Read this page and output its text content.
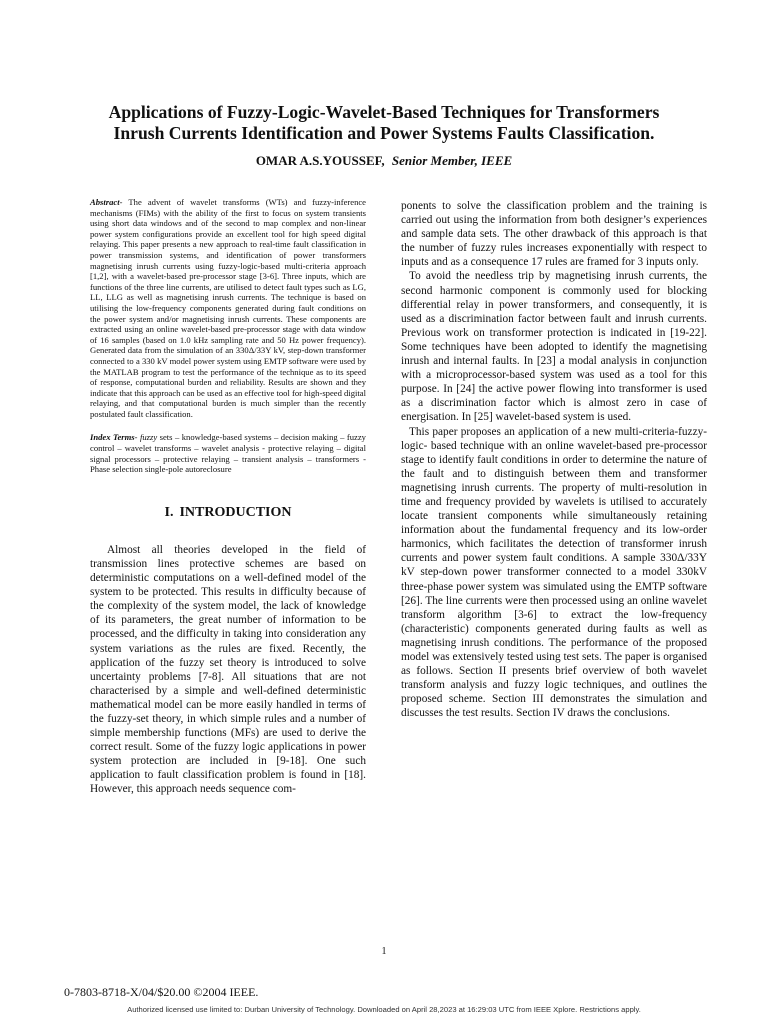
Applications of Fuzzy-Logic-Wavelet-Based Techniques for Transformers
Inrush Currents Identification and Power Systems Faults Classification.
OMAR A.S.YOUSSEF, Senior Member, IEEE

Abstract- The advent of wavelet transforms (WTs) and fuzzy-inference mechanisms (FIMs) with the ability of the first to focus on system transients using short data windows and of the second to map complex and non-linear power system configurations provide an excellent tool for high speed digital relaying. This paper presents a new approach to real-time fault classification in power transmission systems, and identification of power transformers magnetising inrush currents using fuzzy-logic-based multi-criteria approach [1,2], with a wavelet-based pre-processor stage [3-6]. Three inputs, which are functions of the three line currents, are utilised to detect fault types such as LG, LL, LLG as well as magnetising inrush currents. The technique is based on utilising the low-frequency components generated during fault conditions on the power system and/or magnetising inrush currents. These components are extracted using an online wavelet-based pre-processor stage with data window of 16 samples (based on 1.0 kHz sampling rate and 50 Hz power frequency). Generated data from the simulation of an 330Δ/33Y kV, step-down transformer connected to a 330 kV model power system using EMTP software were used by the MATLAB program to test the performance of the technique as to its speed of response, computational burden and reliability. Results are shown and they indicate that this approach can be used as an effective tool for high-speed digital relaying, and that computational burden is much simpler than the recently postulated fault classification.

Index Terms- fuzzy sets – knowledge-based systems – decision making – fuzzy control – wavelet transforms – wavelet analysis - protective relaying – digital signal processors – protective relaying – transient analysis – transformers - Phase selection single-pole autoreclosure

I. INTRODUCTION

Almost all theories developed in the field of transmission lines protective schemes are based on deterministic computations on a well-defined model of the system to be protected. This results in difficulty because of the complexity of the system model, the lack of knowledge of its parameters, the great number of information to be processed, and the difficulty in taking into consideration any system variations as the rules are fixed. Recently, the application of the fuzzy set theory is introduced to solve uncertainty problems [7-8]. All situations that are not characterised by a simple and well-defined deterministic mathematical model can be more easily handled in terms of the fuzzy-set theory, in which simple rules and a number of simple membership functions (MFs) are used to derive the correct result. Some of the fuzzy logic applications in power system protection are included in [9-18]. One such application to fault classification problem is found in [18]. However, this approach needs sequence com-

ponents to solve the classification problem and the training is carried out using the information from both designer’s experiences and sample data sets. The other drawback of this approach is that the number of fuzzy rules increases exponentially with respect to inputs and as a consequence 17 rules are framed for 3 inputs only.

To avoid the needless trip by magnetising inrush currents, the second harmonic component is commonly used for blocking differential relay in power transformers, and consequently, it is used as a discrimination factor between fault and inrush currents. Previous work on transformer protection is indicated in [19-22]. Some techniques have been adopted to identify the magnetising inrush and internal faults. In [23] a modal analysis in conjunction with a microprocessor-based system was used as a tool for this purpose. In [24] the active power flowing into transformer is used as a discrimination factor which is almost zero in case of energisation. In [25] wavelet-based system is used.

This paper proposes an application of a new multi-criteria-fuzzy-logic- based technique with an online wavelet-based pre-processor stage to identify fault conditions in order to determine the nature of the fault and to distinguish between them and transformer magnetising inrush currents. The property of multi-resolution in time and frequency provided by wavelets is utilised to accurately locate transient components while simultaneously retaining information about the fundamental frequency and its low-order harmonics, which facilitates the detection of transformer inrush currents and power system fault conditions. A sample 330Δ/33Y kV step-down power transformer connected to a model 330kV three-phase power system was simulated using the EMTP software [26]. The line currents were then processed using an online wavelet transform algorithm [3-6] to extract the low-frequency (characteristic) components generated during faults as well as magnetising inrush conditions. The performance of the proposed model was extensively tested using test sets. The paper is organised as follows. Section II presents brief overview of both wavelet transform analysis and fuzzy logic techniques, and outlines the proposed scheme. Section III demonstrates the simulation and discusses the test results. Section IV draws the conclusions.

1
0-7803-8718-X/04/$20.00 ©2004 IEEE.
Authorized licensed use limited to: Durban University of Technology. Downloaded on April 28,2023 at 16:29:03 UTC from IEEE Xplore. Restrictions apply.
